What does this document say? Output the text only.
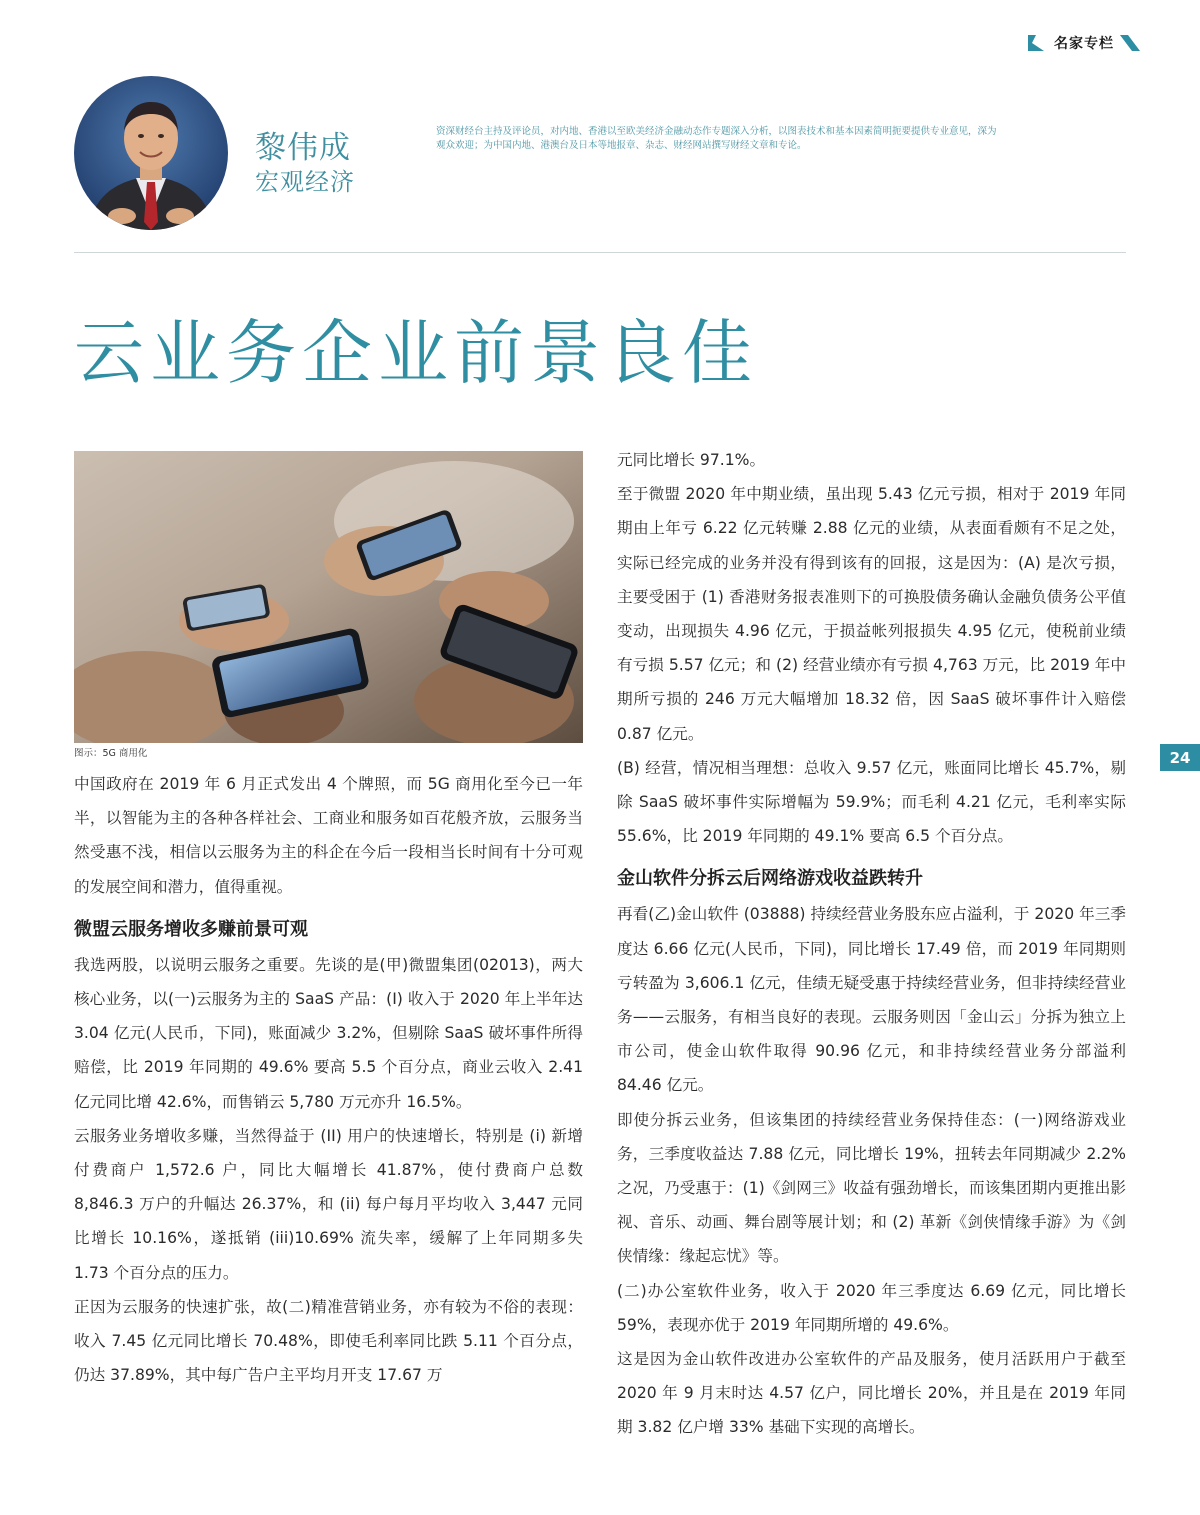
名家专栏
黎伟成
宏观经济
资深财经台主持及评论员，对内地、香港以至欧美经济金融动态作专题深入分析，以图表技术和基本因素简明扼要提供专业意见，深为观众欢迎；为中国内地、港澳台及日本等地报章、杂志、财经网站撰写财经文章和专论。
云业务企业前景良佳
图示：5G 商用化

中国政府在 2019 年 6 月正式发出 4 个牌照，而 5G 商用化至今已一年半，以智能为主的各种各样社会、工商业和服务如百花般齐放，云服务当然受惠不浅，相信以云服务为主的科企在今后一段相当长时间有十分可观的发展空间和潜力，值得重视。

微盟云服务增收多赚前景可观

我选两股，以说明云服务之重要。先谈的是(甲)微盟集团(02013)，两大核心业务，以(一)云服务为主的 SaaS 产品：(I) 收入于 2020 年上半年达 3.04 亿元(人民币，下同)，账面减少 3.2%，但剔除 SaaS 破坏事件所得赔偿，比 2019 年同期的 49.6% 要高 5.5 个百分点，商业云收入 2.41 亿元同比增 42.6%，而售销云 5,780 万元亦升 16.5%。

云服务业务增收多赚，当然得益于 (II) 用户的快速增长，特别是 (i) 新增付费商户 1,572.6 户，同比大幅增长 41.87%，使付费商户总数 8,846.3 万户的升幅达 26.37%，和 (ii) 每户每月平均收入 3,447 元同比增长 10.16%，遂抵销 (iii)10.69% 流失率，缓解了上年同期多失 1.73 个百分点的压力。

正因为云服务的快速扩张，故(二)精准营销业务，亦有较为不俗的表现：收入 7.45 亿元同比增长 70.48%，即使毛利率同比跌 5.11 个百分点，仍达 37.89%，其中每广告户主平均月开支 17.67 万

元同比增长 97.1%。

至于微盟 2020 年中期业绩，虽出现 5.43 亿元亏损，相对于 2019 年同期由上年亏 6.22 亿元转赚 2.88 亿元的业绩，从表面看颇有不足之处，实际已经完成的业务并没有得到该有的回报，这是因为：(A) 是次亏损，主要受困于 (1) 香港财务报表准则下的可换股债务确认金融负债务公平值变动，出现损失 4.96 亿元，于损益帐列报损失 4.95 亿元，使税前业绩有亏损 5.57 亿元；和 (2) 经营业绩亦有亏损 4,763 万元，比 2019 年中期所亏损的 246 万元大幅增加 18.32 倍，因 SaaS 破坏事件计入赔偿 0.87 亿元。

(B) 经营，情况相当理想：总收入 9.57 亿元，账面同比增长 45.7%，剔除 SaaS 破坏事件实际增幅为 59.9%；而毛利 4.21 亿元，毛利率实际 55.6%，比 2019 年同期的 49.1% 要高 6.5 个百分点。

金山软件分拆云后网络游戏收益跌转升

再看(乙)金山软件 (03888) 持续经营业务股东应占溢利，于 2020 年三季度达 6.66 亿元(人民币，下同)，同比增长 17.49 倍，而 2019 年同期则亏转盈为 3,606.1 亿元，佳绩无疑受惠于持续经营业务，但非持续经营业务——云服务，有相当良好的表现。云服务则因「金山云」分拆为独立上市公司，使金山软件取得 90.96 亿元，和非持续经营业务分部溢利 84.46 亿元。

即使分拆云业务，但该集团的持续经营业务保持佳态：(一)网络游戏业务，三季度收益达 7.88 亿元，同比增长 19%，扭转去年同期减少 2.2% 之况，乃受惠于：(1)《剑网三》收益有强劲增长，而该集团期内更推出影视、音乐、动画、舞台剧等展计划；和 (2) 革新《剑侠情缘手游》为《剑侠情缘：缘起忘忧》等。

(二)办公室软件业务，收入于 2020 年三季度达 6.69 亿元，同比增长 59%，表现亦优于 2019 年同期所增的 49.6%。

这是因为金山软件改进办公室软件的产品及服务，使月活跃用户于截至 2020 年 9 月末时达 4.57 亿户，同比增长 20%，并且是在 2019 年同期 3.82 亿户增 33% 基础下实现的高增长。

24
